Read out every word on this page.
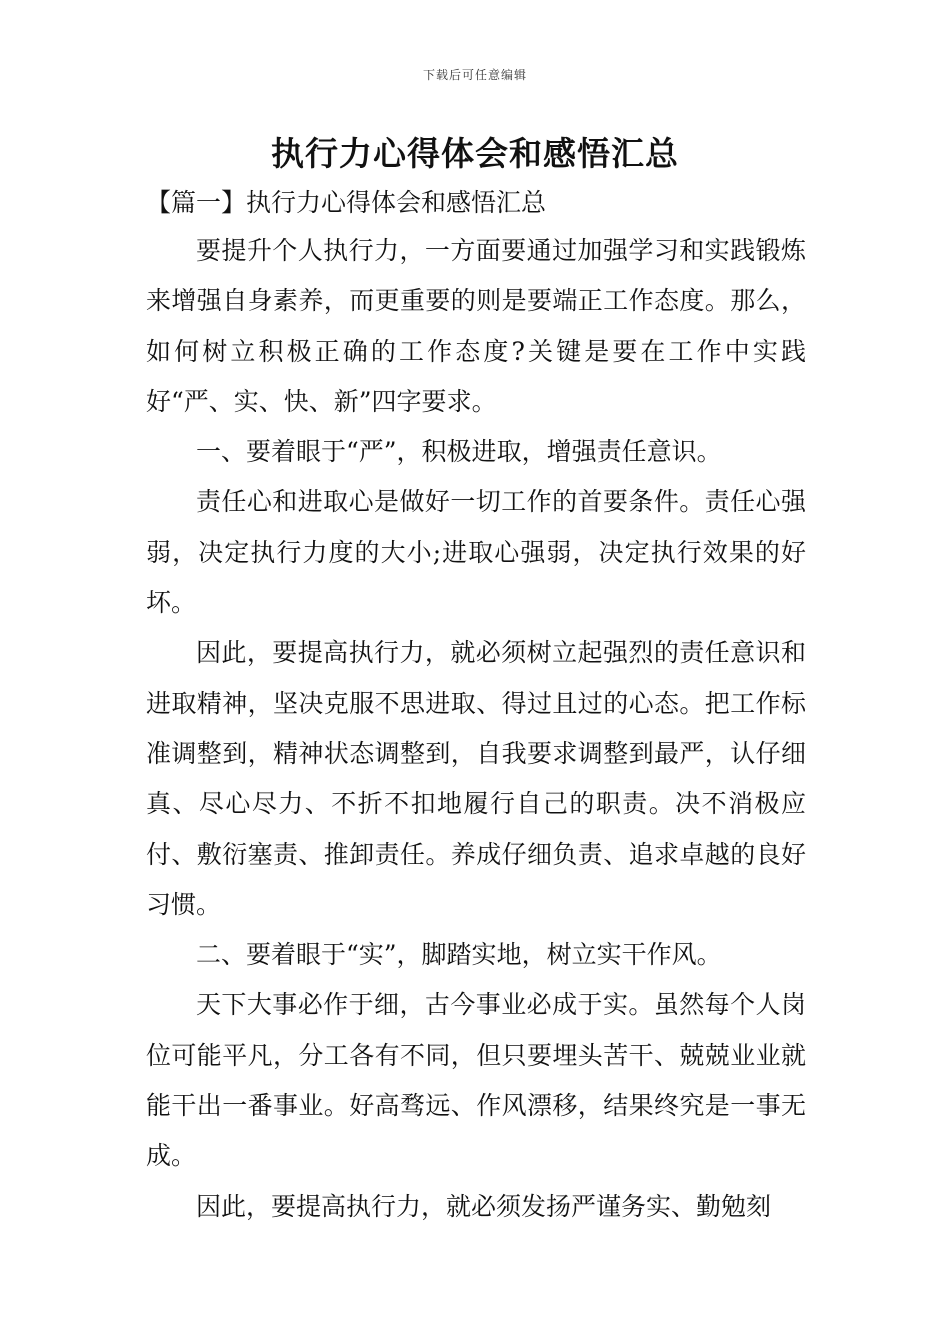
下载后可任意编辑
执行力心得体会和感悟汇总
【篇一】执行力心得体会和感悟汇总

要提升个人执行力，一方面要通过加强学习和实践锻炼来增强自身素养，而更重要的则是要端正工作态度。那么，如何树立积极正确的工作态度?关键是要在工作中实践好“严、实、快、新”四字要求。

一、要着眼于“严”，积极进取，增强责任意识。

责任心和进取心是做好一切工作的首要条件。责任心强弱，决定执行力度的大小;进取心强弱，决定执行效果的好坏。

因此，要提高执行力，就必须树立起强烈的责任意识和进取精神，坚决克服不思进取、得过且过的心态。把工作标准调整到，精神状态调整到，自我要求调整到最严，认仔细真、尽心尽力、不折不扣地履行自己的职责。决不消极应付、敷衍塞责、推卸责任。养成仔细负责、追求卓越的良好习惯。

二、要着眼于“实”，脚踏实地，树立实干作风。

天下大事必作于细，古今事业必成于实。虽然每个人岗位可能平凡，分工各有不同，但只要埋头苦干、兢兢业业就能干出一番事业。好高骛远、作风漂移，结果终究是一事无成。

因此，要提高执行力，就必须发扬严谨务实、勤勉刻
